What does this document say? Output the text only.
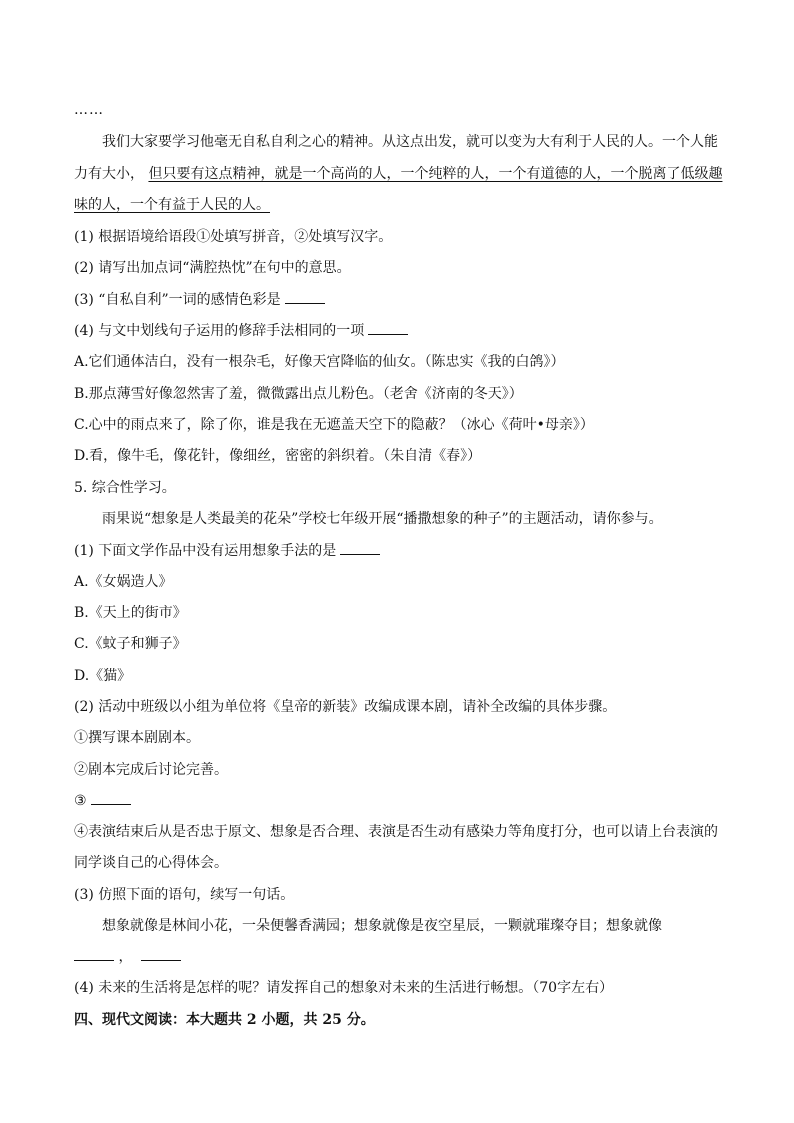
……
我们大家要学习他毫无自私自利之心的精神。从这点出发，就可以变为大有利于人民的人。一个人能
力有大小， 但只要有这点精神，就是一个高尚的人，一个纯粹的人，一个有道德的人，一个脱离了低级趣
味的人，一个有益于人民的人。
(1) 根据语境给语段①处填写拼音，②处填写汉字。
(2) 请写出加点词“满腔热忱”在句中的意思。
(3) “自私自利”一词的感情色彩是
(4) 与文中划线句子运用的修辞手法相同的一项
A.它们通体洁白，没有一根杂毛，好像天宫降临的仙女。（陈忠实《我的白鸽》）
B.那点薄雪好像忽然害了羞，微微露出点儿粉色。（老舍《济南的冬天》）
C.心中的雨点来了，除了你，谁是我在无遮盖天空下的隐蔽？（冰心《荷叶•母亲》）
D.看，像牛毛，像花针，像细丝，密密的斜织着。（朱自清《春》）
5. 综合性学习。
雨果说“想象是人类最美的花朵”学校七年级开展“播撒想象的种子”的主题活动，请你参与。
(1) 下面文学作品中没有运用想象手法的是
A.《女娲造人》
B.《天上的街市》
C.《蚊子和狮子》
D.《猫》
(2) 活动中班级以小组为单位将《皇帝的新装》改编成课本剧，请补全改编的具体步骤。
①撰写课本剧剧本。
②剧本完成后讨论完善。
③
④表演结束后从是否忠于原文、想象是否合理、表演是否生动有感染力等角度打分，也可以请上台表演的
同学谈自己的心得体会。
(3) 仿照下面的语句，续写一句话。
想象就像是林间小花，一朵便馨香满园；想象就像是夜空星辰，一颗就璀璨夺目；想象就像
，
(4) 未来的生活将是怎样的呢？请发挥自己的想象对未来的生活进行畅想。（70字左右）
四、现代文阅读：本大题共 2 小题，共 25 分。
